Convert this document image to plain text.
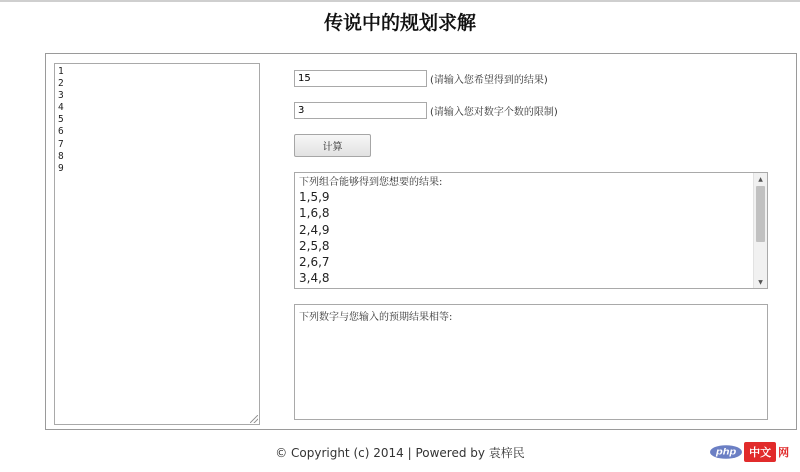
传说中的规划求解
1
2
3
4
5
6
7
8
9
15
(请输入您希望得到的结果)
3
(请输入您对数字个数的限制)
计算
下列组合能够得到您想要的结果:
1,5,9
1,6,8
2,4,9
2,5,8
2,6,7
3,4,8
▲
▼
下列数字与您输入的预期结果相等:
© Copyright (c) 2014 | Powered by 袁梓民	php	中文 网
